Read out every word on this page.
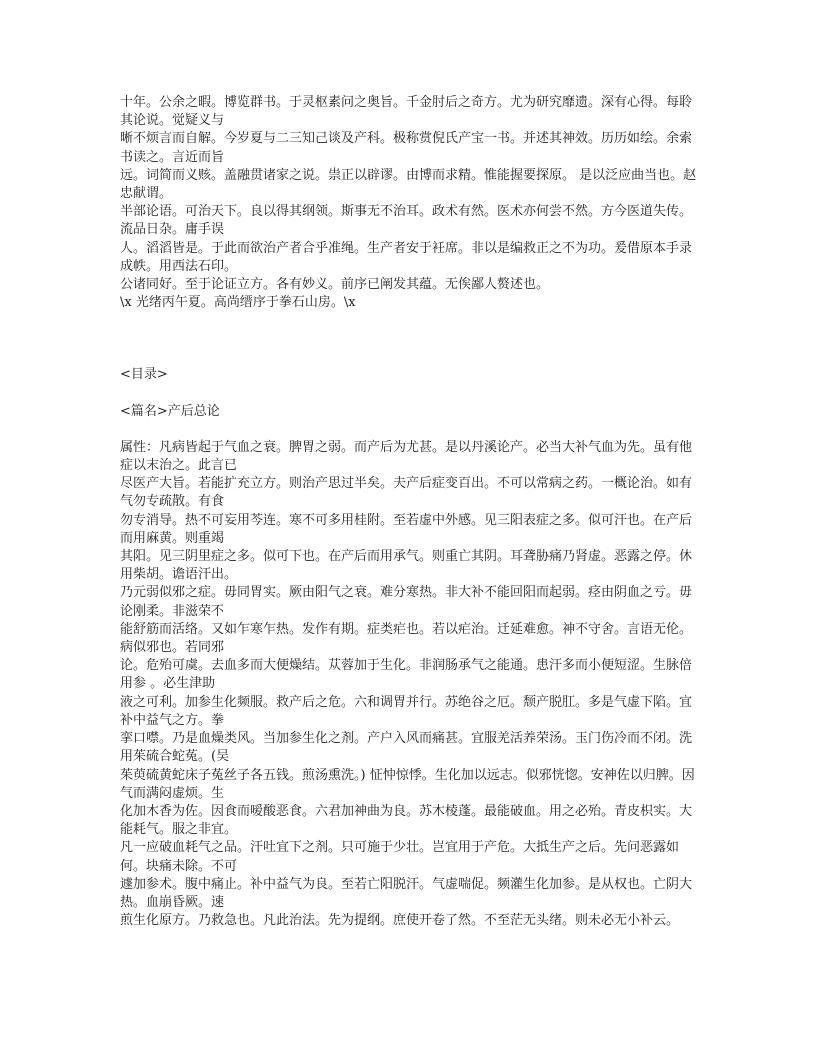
十年。公余之暇。博览群书。于灵枢素问之奥旨。千金肘后之奇方。尤为研究靡遗。深有心得。每聆其论说。觉疑义与

晰不烦言而自解。今岁夏与二三知己谈及产科。极称赏倪氏产宝一书。并述其神效。历历如绘。余索书读之。言近而旨

远。词简而义赅。盖融贯诸家之说。祟正以辟谬。由博而求精。惟能握要探原。 是以泛应曲当也。赵忠献谓。

半部论语。可治天下。良以得其纲领。斯事无不治耳。政术有然。医术亦何尝不然。方今医道失传。流品日杂。庸手误

人。滔滔皆是。于此而欲治产者合乎准绳。生产者安于衽席。非以是编救正之不为功。爰借原本手录成帙。用西法石印。

公诸同好。至于论证立方。各有妙义。前序已阐发其蕴。无俟鄙人赘述也。

\x 光绪丙午夏。高尚缙序于拳石山房。\x

<目录>

<篇名>产后总论

属性：凡病皆起于气血之衰。脾胃之弱。而产后为尤甚。是以丹溪论产。必当大补气血为先。虽有他症以末治之。此言已

尽医产大旨。若能扩充立方。则治产思过半矣。夫产后症变百出。不可以常病之药。一概论治。如有气勿专疏散。有食

勿专消导。热不可妄用芩连。寒不可多用桂附。至若虚中外感。见三阳表症之多。似可汗也。在产后而用麻黄。则重竭

其阳。见三阴里症之多。似可下也。在产后而用承气。则重亡其阴。耳聋胁痛乃肾虚。恶露之停。休用柴胡。谵语汗出。

乃元弱似邪之症。毋同胃实。厥由阳气之衰。难分寒热。非大补不能回阳而起弱。痉由阴血之亏。毋论刚柔。非滋荣不

能舒筋而活络。又如乍寒乍热。发作有期。症类疟也。若以疟治。迁延难愈。神不守舍。言语无伦。病似邪也。若同邪

论。危殆可虞。去血多而大便燥结。苁蓉加于生化。非润肠承气之能通。患汗多而小便短涩。生脉倍用参 。必生津助

液之可利。加参生化频服。救产后之危。六和调胃并行。苏绝谷之厄。颓产脱肛。多是气虚下陷。宜补中益气之方。拳

挛口噤。乃是血燥类风。当加参生化之剂。产户入风而痛甚。宜服羌活养荣汤。玉门伤冷而不闭。洗用茱硫合蛇菟。(吴

茱萸硫黄蛇床子菟丝子各五钱。煎汤熏洗。) 怔忡惊悸。生化加以远志。似邪恍惚。安神佐以归脾。因气而满闷虚烦。生

化加木香为佐。因食而嗳酸恶食。六君加神曲为良。苏木棱蓬。最能破血。用之必殆。青皮枳实。大能耗气。服之非宜。

凡一应破血耗气之品。汗吐宜下之剂。只可施于少壮。岂宜用于产危。大抵生产之后。先问恶露如何。块痛未除。不可

遽加参术。腹中痛止。补中益气为良。至若亡阳脱汗。气虚喘促。频灌生化加参。是从权也。亡阴大热。血崩昏厥。速

煎生化原方。乃救急也。凡此治法。先为提纲。庶使开卷了然。不至茫无头绪。则未必无小补云。
